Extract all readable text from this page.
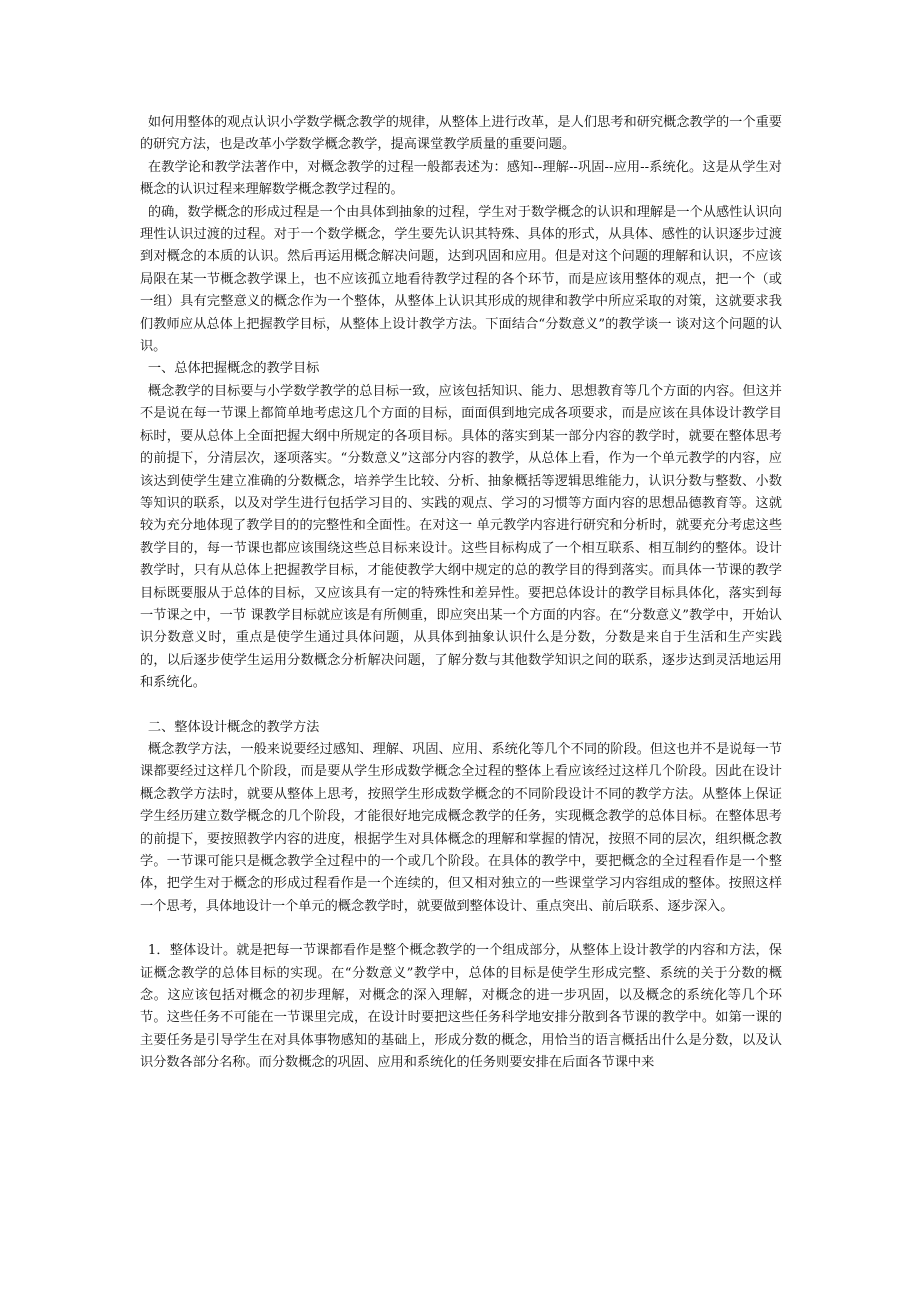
如何用整体的观点认识小学数学概念教学的规律，从整体上进行改革，是人们思考和研究概念教学的一个重要的研究方法，也是改革小学数学概念教学，提高课堂教学质量的重要问题。

在教学论和教学法著作中，对概念教学的过程一般都表述为：感知--理解--巩固--应用--系统化。这是从学生对概念的认识过程来理解数学概念教学过程的。

的确，数学概念的形成过程是一个由具体到抽象的过程，学生对于数学概念的认识和理解是一个从感性认识向理性认识过渡的过程。对于一个数学概念，学生要先认识其特殊、具体的形式，从具体、感性的认识逐步过渡到对概念的本质的认识。然后再运用概念解决问题，达到巩固和应用。但是对这个问题的理解和认识，不应该局限在某一节概念教学课上，也不应该孤立地看待教学过程的各个环节，而是应该用整体的观点，把一个（或一组）具有完整意义的概念作为一个整体，从整体上认识其形成的规律和教学中所应采取的对策，这就要求我们教师应从总体上把握教学目标，从整体上设计教学方法。下面结合“分数意义”的教学谈一 谈对这个问题的认识。

一、总体把握概念的教学目标

概念教学的目标要与小学数学教学的总目标一致，应该包括知识、能力、思想教育等几个方面的内容。但这并不是说在每一节课上都简单地考虑这几个方面的目标，面面俱到地完成各项要求，而是应该在具体设计教学目标时，要从总体上全面把握大纲中所规定的各项目标。具体的落实到某一部分内容的教学时，就要在整体思考的前提下，分清层次，逐项落实。“分数意义”这部分内容的教学，从总体上看，作为一个单元教学的内容，应该达到使学生建立准确的分数概念，培养学生比较、分析、抽象概括等逻辑思维能力，认识分数与整数、小数等知识的联系，以及对学生进行包括学习目的、实践的观点、学习的习惯等方面内容的思想品德教育等。这就较为充分地体现了教学目的的完整性和全面性。在对这一 单元教学内容进行研究和分析时，就要充分考虑这些教学目的，每一节课也都应该围绕这些总目标来设计。这些目标构成了一个相互联系、相互制约的整体。设计教学时，只有从总体上把握教学目标，才能使教学大纲中规定的总的教学目的得到落实。而具体一节课的教学目标既要服从于总体的目标，又应该具有一定的特殊性和差异性。要把总体设计的教学目标具体化，落实到每一节课之中，一节 课教学目标就应该是有所侧重，即应突出某一个方面的内容。在“分数意义”教学中，开始认识分数意义时，重点是使学生通过具体问题，从具体到抽象认识什么是分数，分数是来自于生活和生产实践的，以后逐步使学生运用分数概念分析解决问题，了解分数与其他数学知识之间的联系，逐步达到灵活地运用和系统化。

二、整体设计概念的教学方法

概念教学方法，一般来说要经过感知、理解、巩固、应用、系统化等几个不同的阶段。但这也并不是说每一节课都要经过这样几个阶段，而是要从学生形成数学概念全过程的整体上看应该经过这样几个阶段。因此在设计概念教学方法时，就要从整体上思考，按照学生形成数学概念的不同阶段设计不同的教学方法。从整体上保证学生经历建立数学概念的几个阶段，才能很好地完成概念教学的任务，实现概念教学的总体目标。在整体思考的前提下，要按照教学内容的进度，根据学生对具体概念的理解和掌握的情况，按照不同的层次，组织概念教学。一节课可能只是概念教学全过程中的一个或几个阶段。在具体的教学中，要把概念的全过程看作是一个整体，把学生对于概念的形成过程看作是一个连续的，但又相对独立的一些课堂学习内容组成的整体。按照这样一个思考，具体地设计一个单元的概念教学时，就要做到整体设计、重点突出、前后联系、逐步深入。

1．整体设计。就是把每一节课都看作是整个概念教学的一个组成部分，从整体上设计教学的内容和方法，保证概念教学的总体目标的实现。在“分数意义”教学中，总体的目标是使学生形成完整、系统的关于分数的概念。这应该包括对概念的初步理解，对概念的深入理解，对概念的进一步巩固，以及概念的系统化等几个环节。这些任务不可能在一节课里完成，在设计时要把这些任务科学地安排分散到各节课的教学中。如第一课的主要任务是引导学生在对具体事物感知的基础上，形成分数的概念，用恰当的语言概括出什么是分数，以及认识分数各部分名称。而分数概念的巩固、应用和系统化的任务则要安排在后面各节课中来
